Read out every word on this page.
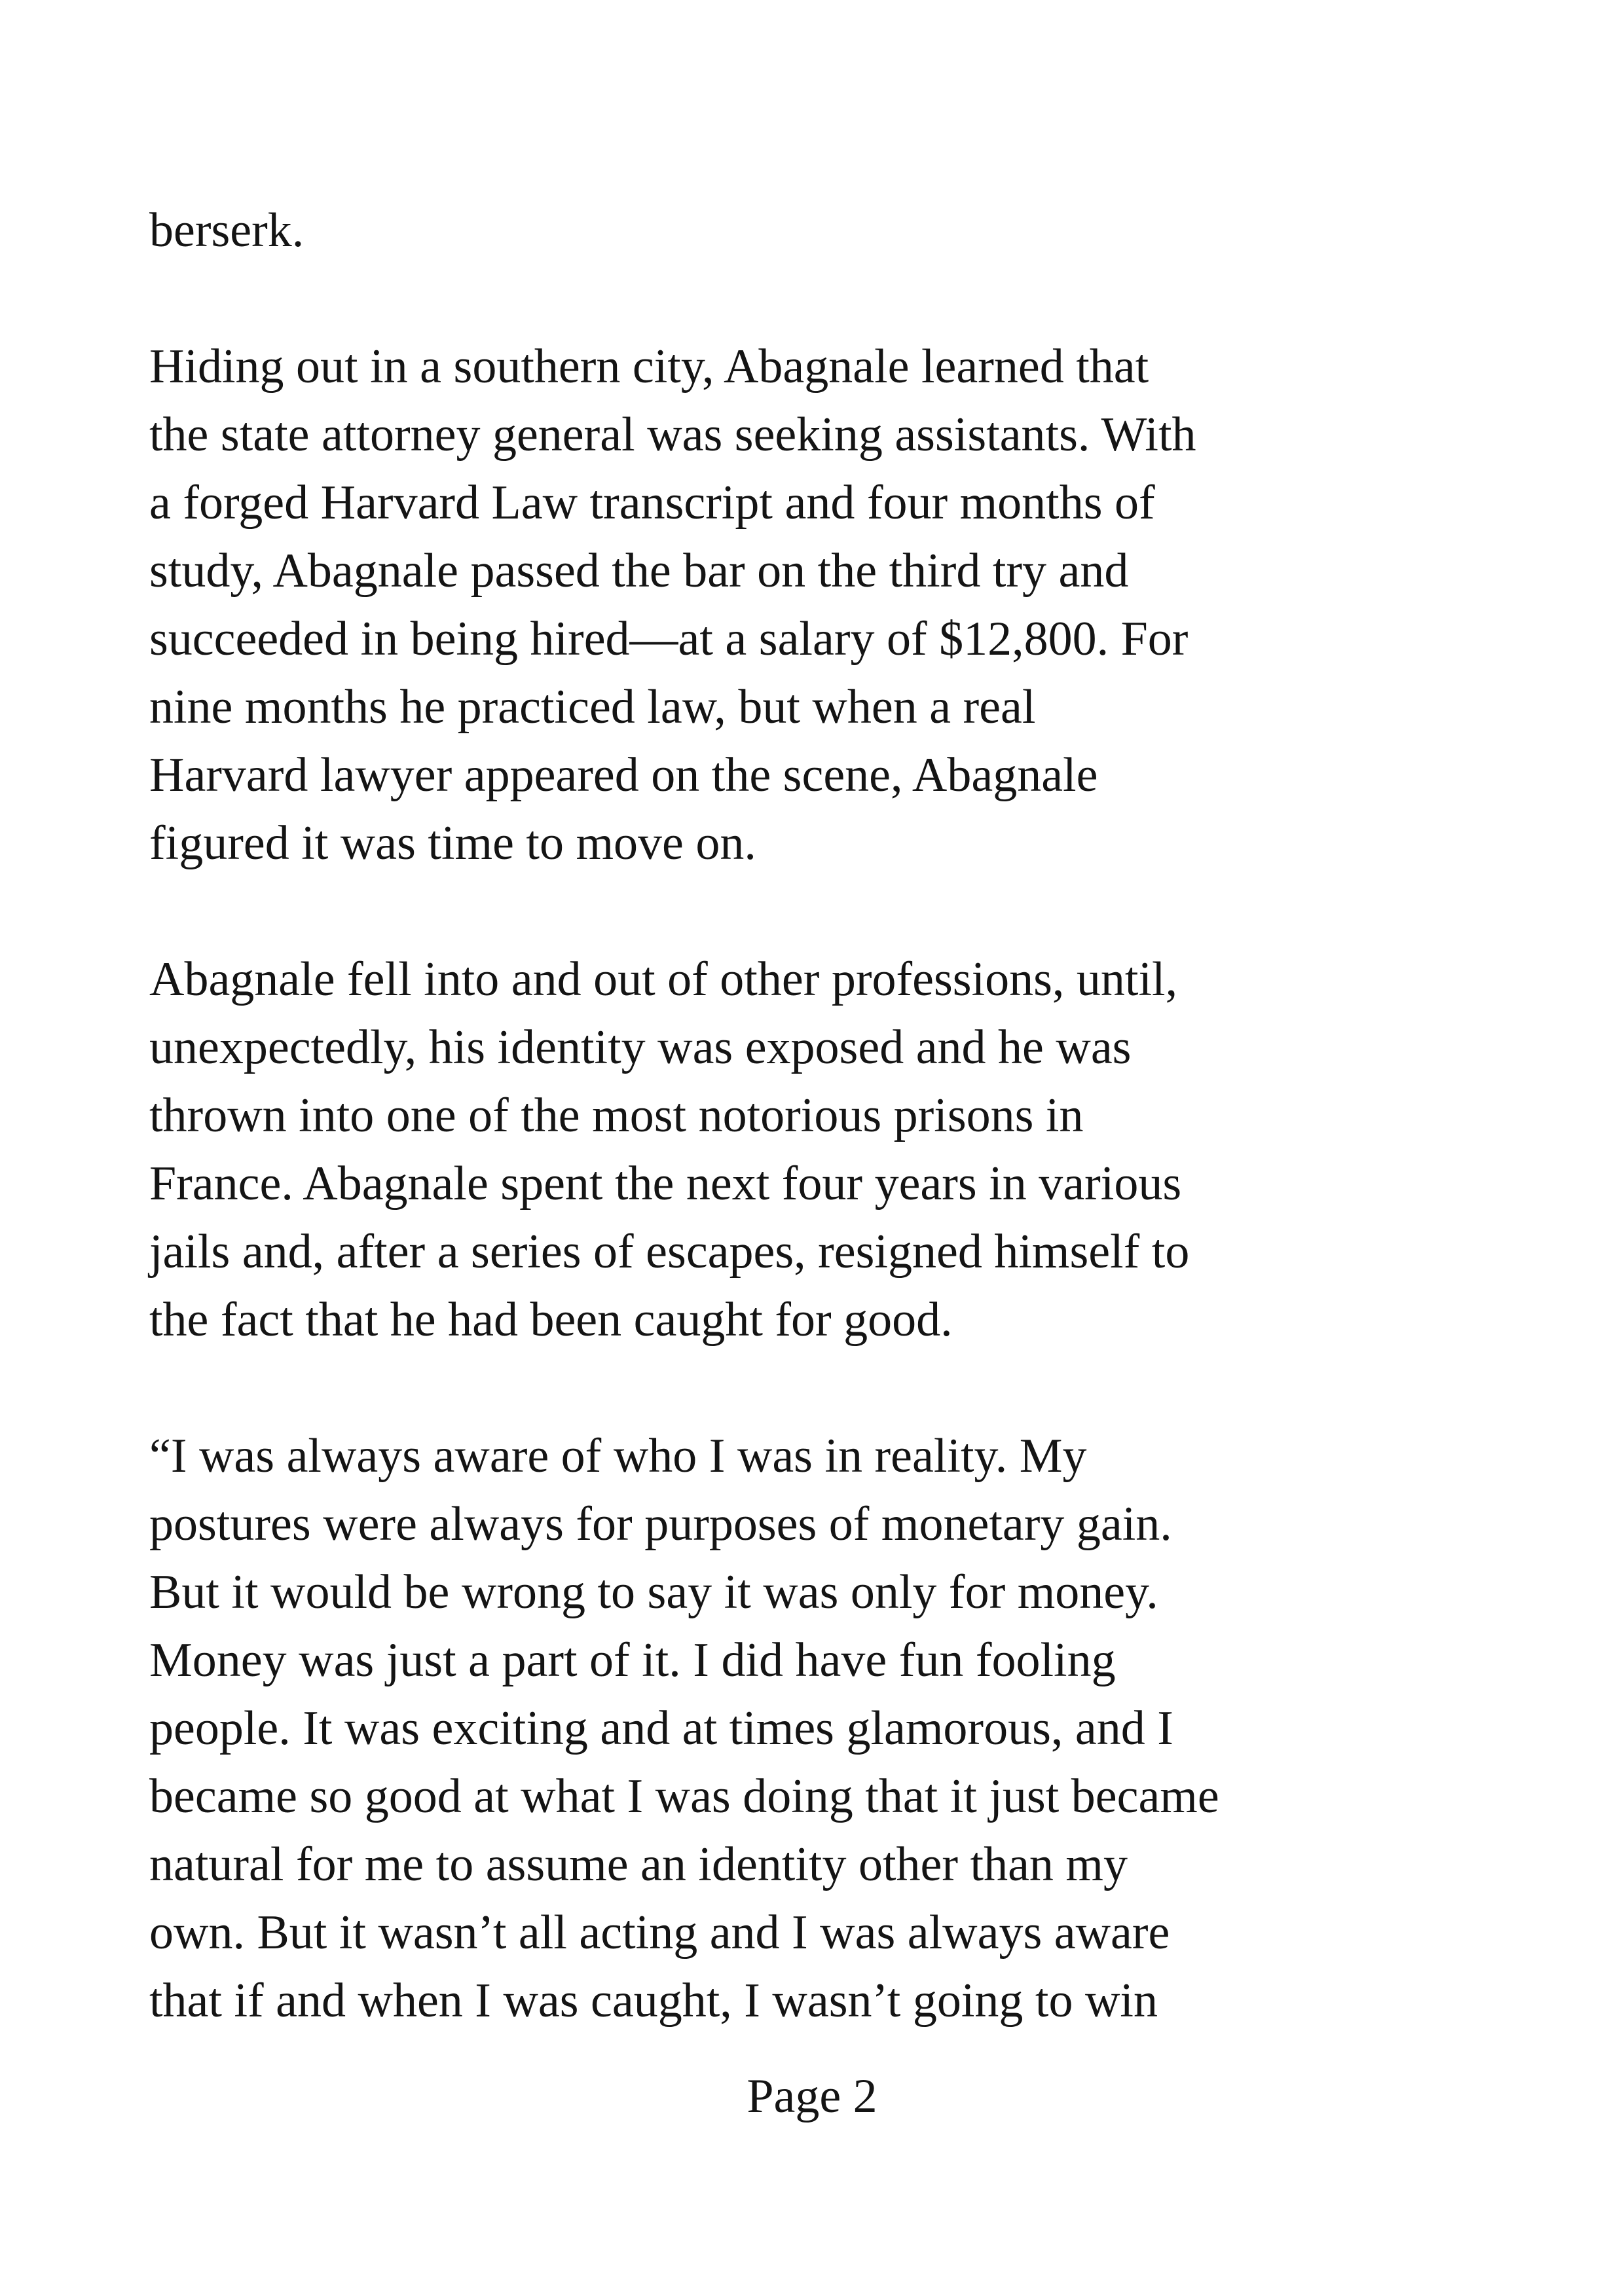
berserk.

Hiding out in a southern city, Abagnale learned that

the state attorney general was seeking assistants. With

a forged Harvard Law transcript and four months of

study, Abagnale passed the bar on the third try and

succeeded in being hired—at a salary of $12,800. For

nine months he practiced law, but when a real

Harvard lawyer appeared on the scene, Abagnale

figured it was time to move on.

Abagnale fell into and out of other professions, until,

unexpectedly, his identity was exposed and he was

thrown into one of the most notorious prisons in

France. Abagnale spent the next four years in various

jails and, after a series of escapes, resigned himself to

the fact that he had been caught for good.

“I was always aware of who I was in reality. My

postures were always for purposes of monetary gain.

But it would be wrong to say it was only for money.

Money was just a part of it. I did have fun fooling

people. It was exciting and at times glamorous, and I

became so good at what I was doing that it just became

natural for me to assume an identity other than my

own. But it wasn’t all acting and I was always aware

that if and when I was caught, I wasn’t going to win

Page 2
